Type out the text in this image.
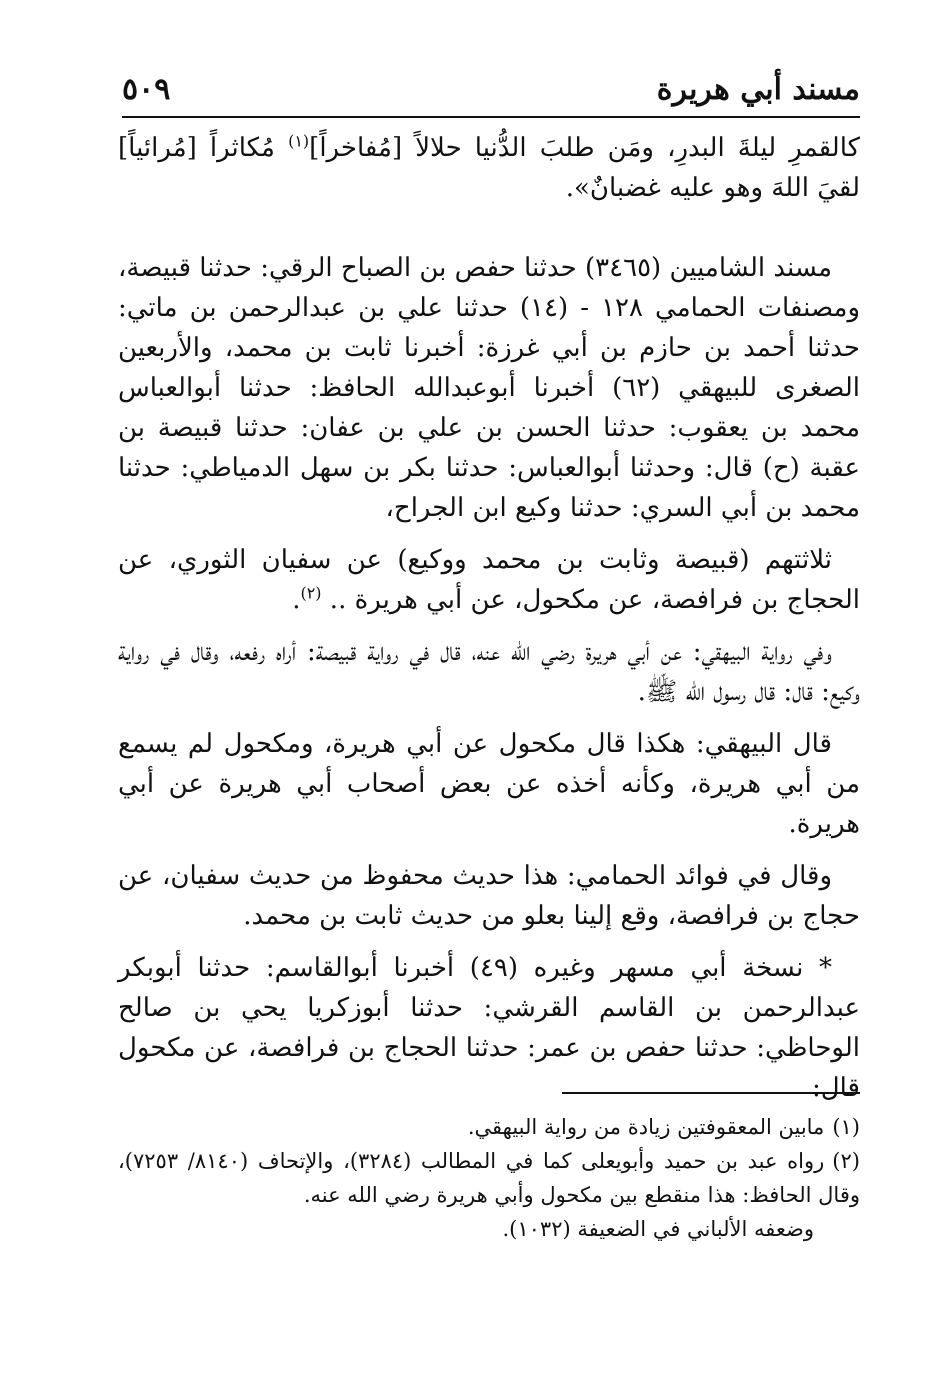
مسند أبي هريرة
٥٠٩

كالقمرِ ليلةَ البدرِ، ومَن طلبَ الدُّنيا حلالاً [مُفاخراً]$^{(١)}$ مُكاثراً [مُرائياً] لقيَ اللهَ وهو عليه غضبانٌ».

مسند الشاميين (٣٤٦٥) حدثنا حفص بن الصباح الرقي: حدثنا قبيصة، ومصنفات الحمامي ١٢٨ - (١٤) حدثنا علي بن عبدالرحمن بن ماتي: حدثنا أحمد بن حازم بن أبي غرزة: أخبرنا ثابت بن محمد، والأربعين الصغرى للبيهقي (٦٢) أخبرنا أبوعبدالله الحافظ: حدثنا أبوالعباس محمد بن يعقوب: حدثنا الحسن بن علي بن عفان: حدثنا قبيصة بن عقبة (ح) قال: وحدثنا أبوالعباس: حدثنا بكر بن سهل الدمياطي: حدثنا محمد بن أبي السري: حدثنا وكيع ابن الجراح،

ثلاثتهم (قبيصة وثابت بن محمد ووكيع) عن سفيان الثوري، عن الحجاج بن فرافصة، عن مكحول، عن أبي هريرة .. $^{(٢)}$.

وفي رواية البيهقي: عن أبي هريرة رضي الله عنه، قال في رواية قبيصة: أراه رفعه، وقال في رواية وكيع: قال: قال رسول الله ﷺ.

قال البيهقي: هكذا قال مكحول عن أبي هريرة، ومكحول لم يسمع من أبي هريرة، وكأنه أخذه عن بعض أصحاب أبي هريرة عن أبي هريرة.

وقال في فوائد الحمامي: هذا حديث محفوظ من حديث سفيان، عن حجاج بن فرافصة، وقع إلينا بعلو من حديث ثابت بن محمد.

* نسخة أبي مسهر وغيره (٤٩) أخبرنا أبوالقاسم: حدثنا أبوبكر عبدالرحمن بن القاسم القرشي: حدثنا أبوزكريا يحي بن صالح الوحاظي: حدثنا حفص بن عمر: حدثنا الحجاج بن فرافصة، عن مكحول قال:

(١)مابين المعقوفتين زيادة من رواية البيهقي.

(٢)رواه عبد بن حميد وأبويعلى كما في المطالب (٣٢٨٤)، والإتحاف (٨١٤٠/ ٧٢٥٣)، وقال الحافظ: هذا منقطع بين مكحول وأبي هريرة رضي الله عنه.

وضعفه الألباني في الضعيفة (١٠٣٢).
